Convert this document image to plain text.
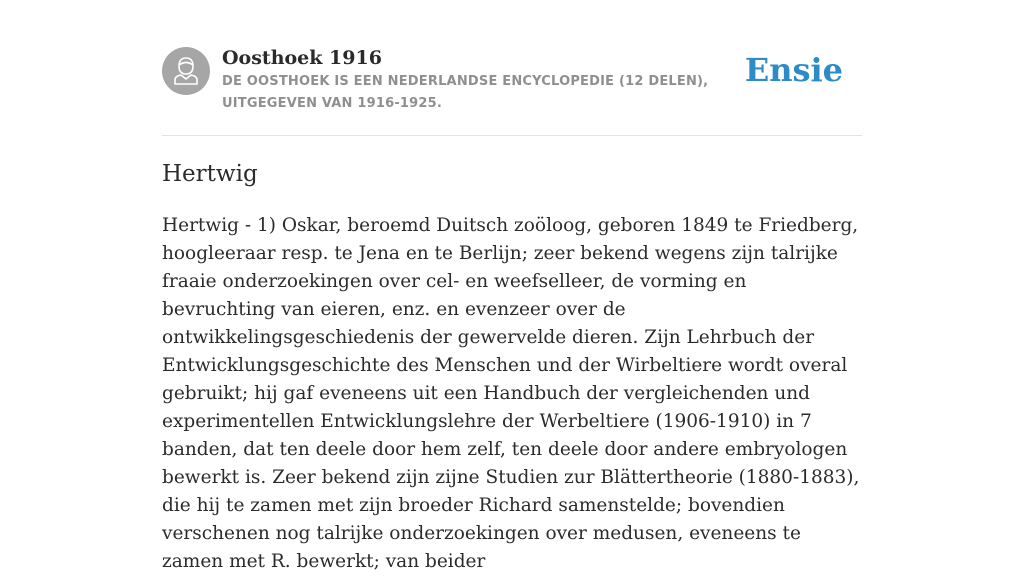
Oosthoek 1916

DE OOSTHOEK IS EEN NEDERLANDSE ENCYCLOPEDIE (12 DELEN), UITGEGEVEN VAN 1916-1925.

Ensie
Hertwig

Hertwig - 1) Oskar, beroemd Duitsch zoöloog, geboren 1849 te Friedberg, hoogleeraar resp. te Jena en te Berlijn; zeer bekend wegens zijn talrijke fraaie onderzoekingen over cel- en weefselleer, de vorming en bevruchting van eieren, enz. en evenzeer over de ontwikkelingsgeschiedenis der gewervelde dieren. Zijn Lehrbuch der Entwicklungsgeschichte des Menschen und der Wirbeltiere wordt overal gebruikt; hij gaf eveneens uit een Handbuch der vergleichenden und experimentellen Entwicklungslehre der Werbeltiere (1906-1910) in 7 banden, dat ten deele door hem zelf, ten deele door andere embryologen bewerkt is. Zeer bekend zijn zijne Studien zur Blättertheorie (1880-1883), die hij te zamen met zijn broeder Richard samenstelde; bovendien verschenen nog talrijke onderzoekingen over medusen, eveneens te zamen met R. bewerkt; van beider
